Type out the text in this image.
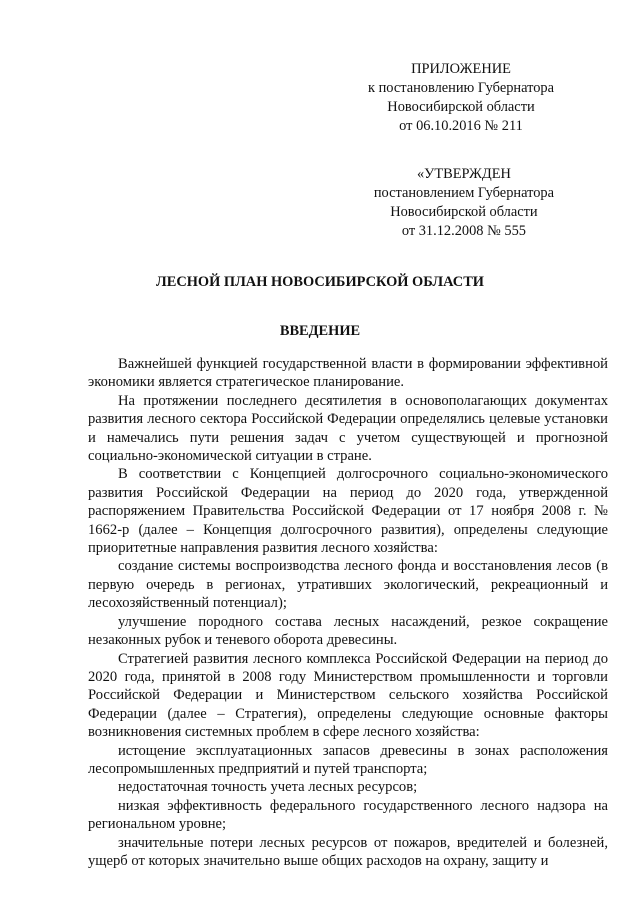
ПРИЛОЖЕНИЕ
к постановлению Губернатора
Новосибирской области
от 06.10.2016 № 211
«УТВЕРЖДЕН
постановлением Губернатора
Новосибирской области
от 31.12.2008 № 555
ЛЕСНОЙ ПЛАН НОВОСИБИРСКОЙ ОБЛАСТИ
ВВЕДЕНИЕ

Важнейшей функцией государственной власти в формировании эффективной экономики является стратегическое планирование.

На протяжении последнего десятилетия в основополагающих документах развития лесного сектора Российской Федерации определялись целевые установки и намечались пути решения задач с учетом существующей и прогнозной социально-экономической ситуации в стране.

В соответствии с Концепцией долгосрочного социально-экономического развития Российской Федерации на период до 2020 года, утвержденной распоряжением Правительства Российской Федерации от 17 ноября 2008 г. № 1662-р (далее – Концепция долгосрочного развития), определены следующие приоритетные направления развития лесного хозяйства:

создание системы воспроизводства лесного фонда и восстановления лесов (в первую очередь в регионах, утративших экологический, рекреационный и лесохозяйственный потенциал);

улучшение породного состава лесных насаждений, резкое сокращение незаконных рубок и теневого оборота древесины.

Стратегией развития лесного комплекса Российской Федерации на период до 2020 года, принятой в 2008 году Министерством промышленности и торговли Российской Федерации и Министерством сельского хозяйства Российской Федерации (далее – Стратегия), определены следующие основные факторы возникновения системных проблем в сфере лесного хозяйства:

истощение эксплуатационных запасов древесины в зонах расположения лесопромышленных предприятий и путей транспорта;

недостаточная точность учета лесных ресурсов;

низкая эффективность федерального государственного лесного надзора на региональном уровне;

значительные потери лесных ресурсов от пожаров, вредителей и болезней, ущерб от которых значительно выше общих расходов на охрану, защиту и
